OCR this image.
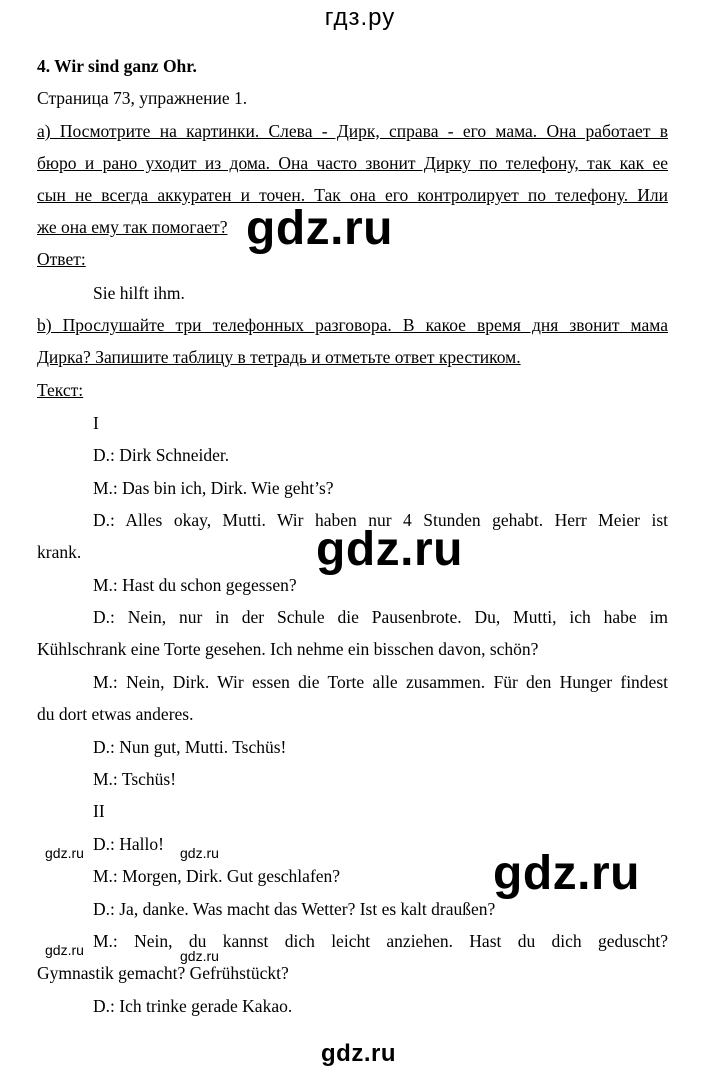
гдз.ру
4. Wir sind ganz Ohr.
Страница 73, упражнение 1.
а) Посмотрите на картинки. Слева - Дирк, справа - его мама. Она работает в
бюро и рано уходит из дома. Она часто звонит Дирку по телефону, так как ее
сын не всегда аккуратен и точен. Так она его контролирует по телефону. Или
же она ему так помогает?
Ответ:
Sie hilft ihm.
b) Прослушайте три телефонных разговора. В какое время дня звонит мама
Дирка? Запишите таблицу в тетрадь и отметьте ответ крестиком.
Текст:
I
D.: Dirk Schneider.
M.: Das bin ich, Dirk. Wie geht’s?
D.: Alles okay, Mutti. Wir haben nur 4 Stunden gehabt. Herr Meier ist
krank.
M.: Hast du schon gegessen?
D.: Nein, nur in der Schule die Pausenbrote. Du, Mutti, ich habe im
Kühlschrank eine Torte gesehen. Ich nehme ein bisschen davon, schön?
M.: Nein, Dirk. Wir essen die Torte alle zusammen. Für den Hunger findest
du dort etwas anderes.
D.: Nun gut, Mutti. Tschüs!
M.: Tschüs!
II
D.: Hallo!
M.: Morgen, Dirk. Gut geschlafen?
D.: Ja, danke. Was macht das Wetter? Ist es kalt draußen?
M.: Nein, du kannst dich leicht anziehen. Hast du dich geduscht?
Gymnastik gemacht? Gefrühstückt?
D.: Ich trinke gerade Kakao.
gdz.ru
gdz.ru
gdz.ru
gdz.ru	gdz.ru
gdz.ru	gdz.ru
gdz.ru
